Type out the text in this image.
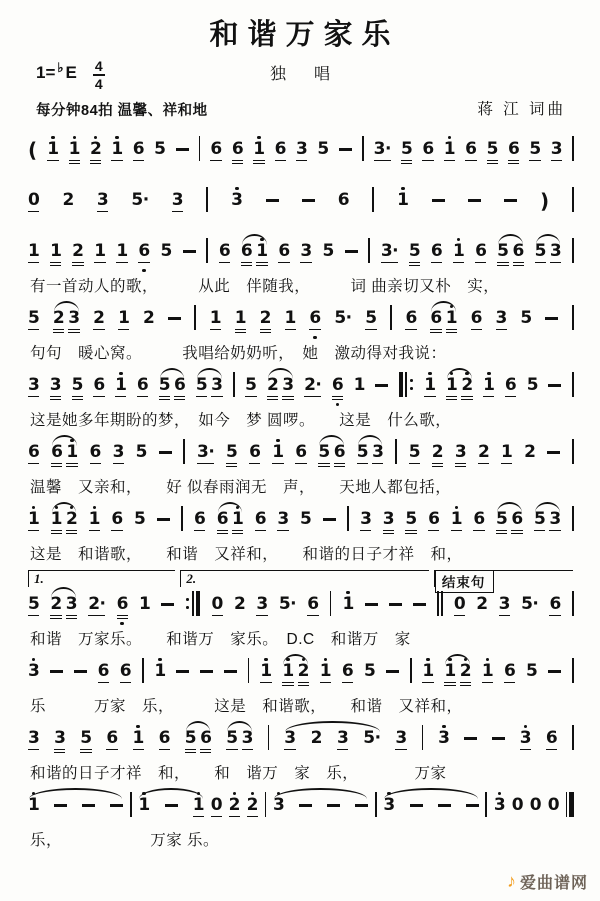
和谐万家乐
1= ♭ E $\frac{4}{4}$	独　唱
每分钟84拍 温馨、祥和地	蒋 江 词曲
( 1 1 2 1 6 5	6 6 1 6 3 5	3· 5 6 1 6 5 6 5 3
0 2 3 5· 3	3	6	1	)
1 1 2 1 1 6 5	6 6 1 6 3 5	3· 5 6 1 6 5 6 5 3
有一首动人的歌，　　　从此　伴随我，　　　词 曲亲切又朴　实，
5 2 3 2 1 2	1 1 2 1 6 5· 5 6 6 1 6 3 5
句句　暖心窝。　　　我唱给奶奶听，　她　激动得对我说：
3 3 5 6 1 6 5 6 5 3 5 2 3 2· 6 1	1 1 2 1 6 5
这是她多年期盼的梦，　如今　梦 圆啰。　　这是　什么歌，
6 6 1 6 3 5	3· 5 6 1 6 5 6 5 3 5 2 3 2 1 2
温馨　又亲和，　　好 似春雨润无　声，　　天地人都包括，
1 1 2 1 6 5	6 6 1 6 3 5	3 3 5 6 1 6 5 6 5 3
这是　和谐歌，　　和谐　又祥和，　　和谐的日子才祥　和，
1.	2.	结束句
5 2 3 2· 6 1	0 2 3 5· 6 1	0 2 3 5· 6
和谐　万家乐。　　和谐万　家乐。　D.C　和谐万　家
3	6 6 1	1 1 2 1 6 5	1 1 2 1 6 5
乐　　　万家　乐，　　　这是　和谐歌，　　和谐　又祥和，
3 3 5 6 1 6 5 6 5 3 3 2 3 5· 3 3	3 6
和谐的日子才祥　和，　　和　谐万　家　乐，　　　　万家
1	1	1 0 2 2 3	3	3 0 0 0
乐，　　　　　　万家 乐。
♪ 爱曲谱网
